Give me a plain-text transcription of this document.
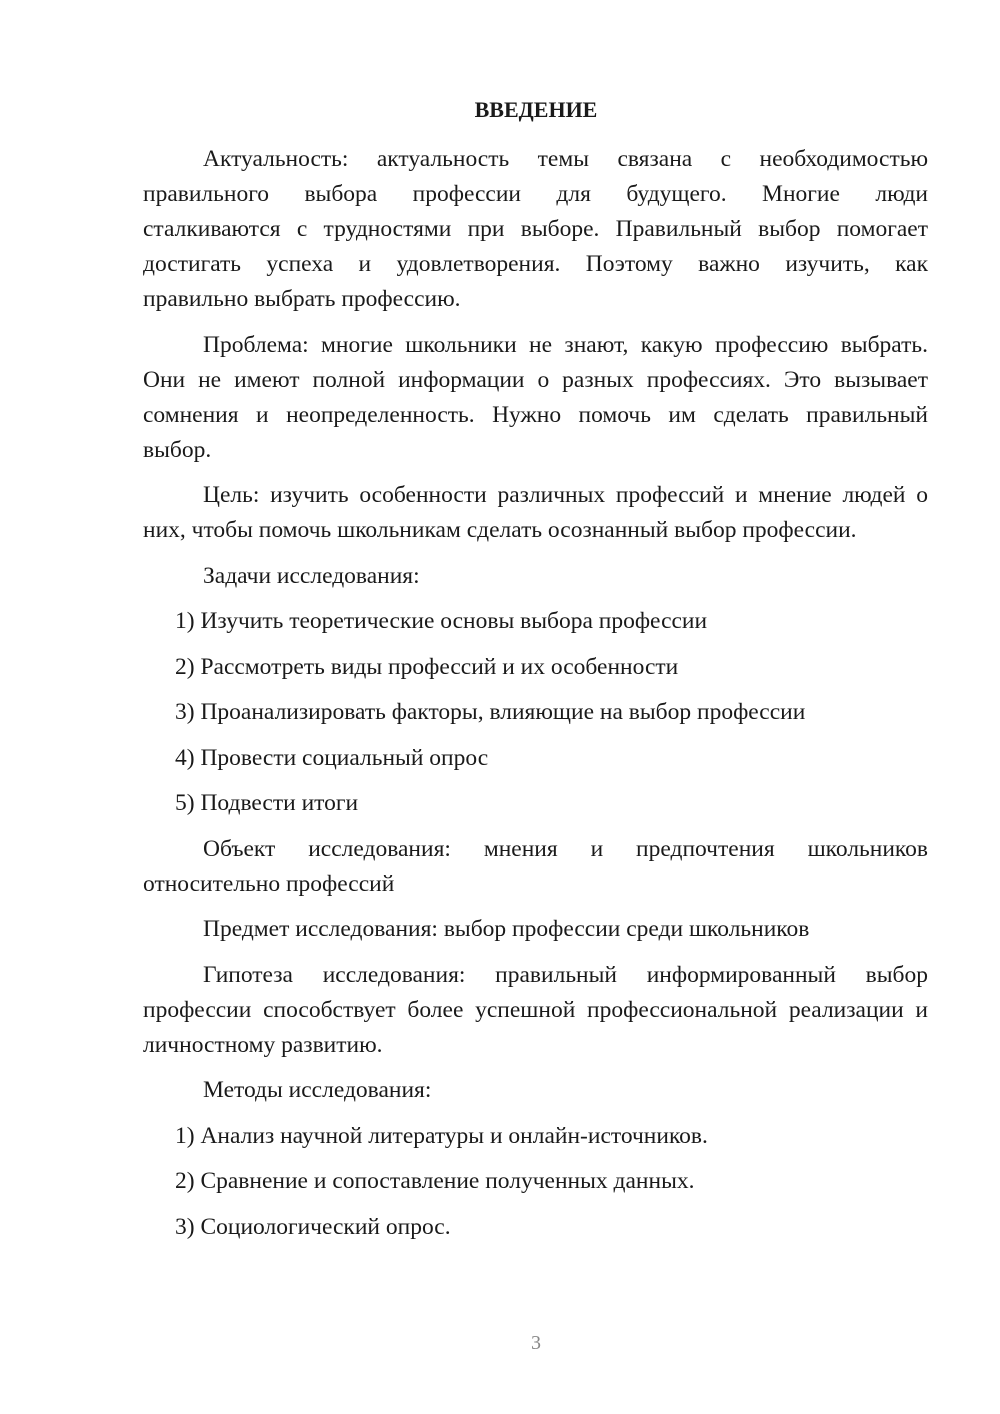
ВВЕДЕНИЕ
Актуальность: актуальность темы связана с необходимостью
правильного выбора профессии для будущего. Многие люди
сталкиваются с трудностями при выборе. Правильный выбор помогает
достигать успеха и удовлетворения. Поэтому важно изучить, как
правильно выбрать профессию.
Проблема: многие школьники не знают, какую профессию выбрать.
Они не имеют полной информации о разных профессиях. Это вызывает
сомнения и неопределенность. Нужно помочь им сделать правильный
выбор.
Цель: изучить особенности различных профессий и мнение людей о
них, чтобы помочь школьникам сделать осознанный выбор профессии.
Задачи исследования:
1) Изучить теоретические основы выбора профессии
2) Рассмотреть виды профессий и их особенности
3) Проанализировать факторы, влияющие на выбор профессии
4) Провести социальный опрос
5) Подвести итоги
Объект исследования: мнения и предпочтения школьников
относительно профессий
Предмет исследования: выбор профессии среди школьников
Гипотеза исследования: правильный информированный выбор
профессии способствует более успешной профессиональной реализации и
личностному развитию.
Методы исследования:
1) Анализ научной литературы и онлайн-источников.
2) Сравнение и сопоставление полученных данных.
3) Социологический опрос.
3
